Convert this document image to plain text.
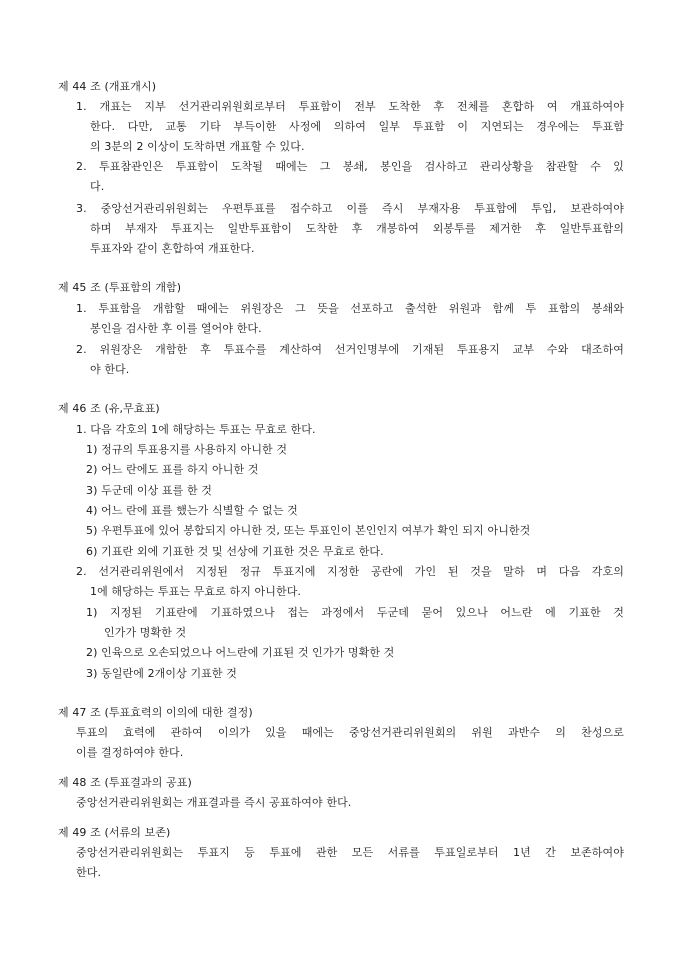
제 44 조 (개표개시)
1. 개표는 지부 선거관리위원회로부터 투표함이 전부 도착한 후 전체를 혼합하 여 개표하여야
한다. 다만, 교통 기타 부득이한 사정에 의하여 일부 투표함 이 지연되는 경우에는 투표함
의 3분의 2 이상이 도착하면 개표할 수 있다.
2. 투표참관인은 투표함이 도착될 때에는 그 봉쇄, 봉인을 검사하고 관리상황을 참관할 수 있
다.
3. 중앙선거관리위원회는 우편투표를 접수하고 이를 즉시 부재자용 투표함에 투입, 보관하여야
하며 부재자 투표지는 일반투표함이 도착한 후 개봉하여 외봉투를 제거한 후 일반투표함의
투표자와 같이 혼합하여 개표한다.
제 45 조 (투표함의 개함)
1. 투표함을 개함할 때에는 위원장은 그 뜻을 선포하고 출석한 위원과 함께 투 표함의 봉쇄와
봉인을 검사한 후 이를 열어야 한다.
2. 위원장은 개함한 후 투표수를 계산하여 선거인명부에 기재된 투표용지 교부 수와 대조하여
야 한다.
제 46 조 (유,무효표)
1. 다음 각호의 1에 해당하는 투표는 무효로 한다.
1) 정규의 투표용지를 사용하지 아니한 것
2) 어느 란에도 표를 하지 아니한 것
3) 두군데 이상 표를 한 것
4) 어느 란에 표를 했는가 식별할 수 없는 것
5) 우편투표에 있어 봉합되지 아니한 것, 또는 투표인이 본인인지 여부가 확인 되지 아니한것
6) 기표란 외에 기표한 것 및 선상에 기표한 것은 무효로 한다.
2. 선거관리위원에서 지정된 정규 투표지에 지정한 공란에 가인 된 것을 말하 며 다음 각호의
1에 해당하는 투표는 무효로 하지 아니한다.
1) 지정된 기표란에 기표하였으나 접는 과정에서 두군데 묻어 있으나 어느란 에 기표한 것
인가가 명확한 것
2) 인육으로 오손되었으나 어느란에 기표된 것 인가가 명확한 것
3) 동일란에 2개이상 기표한 것
제 47 조 (투표효력의 이의에 대한 결정)
투표의 효력에 관하여 이의가 있을 때에는 중앙선거관리위원회의 위원 과반수 의 찬성으로
이를 결정하여야 한다.
제 48 조 (투표결과의 공표)
중앙선거관리위원회는 개표결과를 즉시 공표하여야 한다.
제 49 조 (서류의 보존)
중앙선거관리위원회는 투표지 등 투표에 관한 모든 서류를 투표일로부터 1년 간 보존하여야
한다.
